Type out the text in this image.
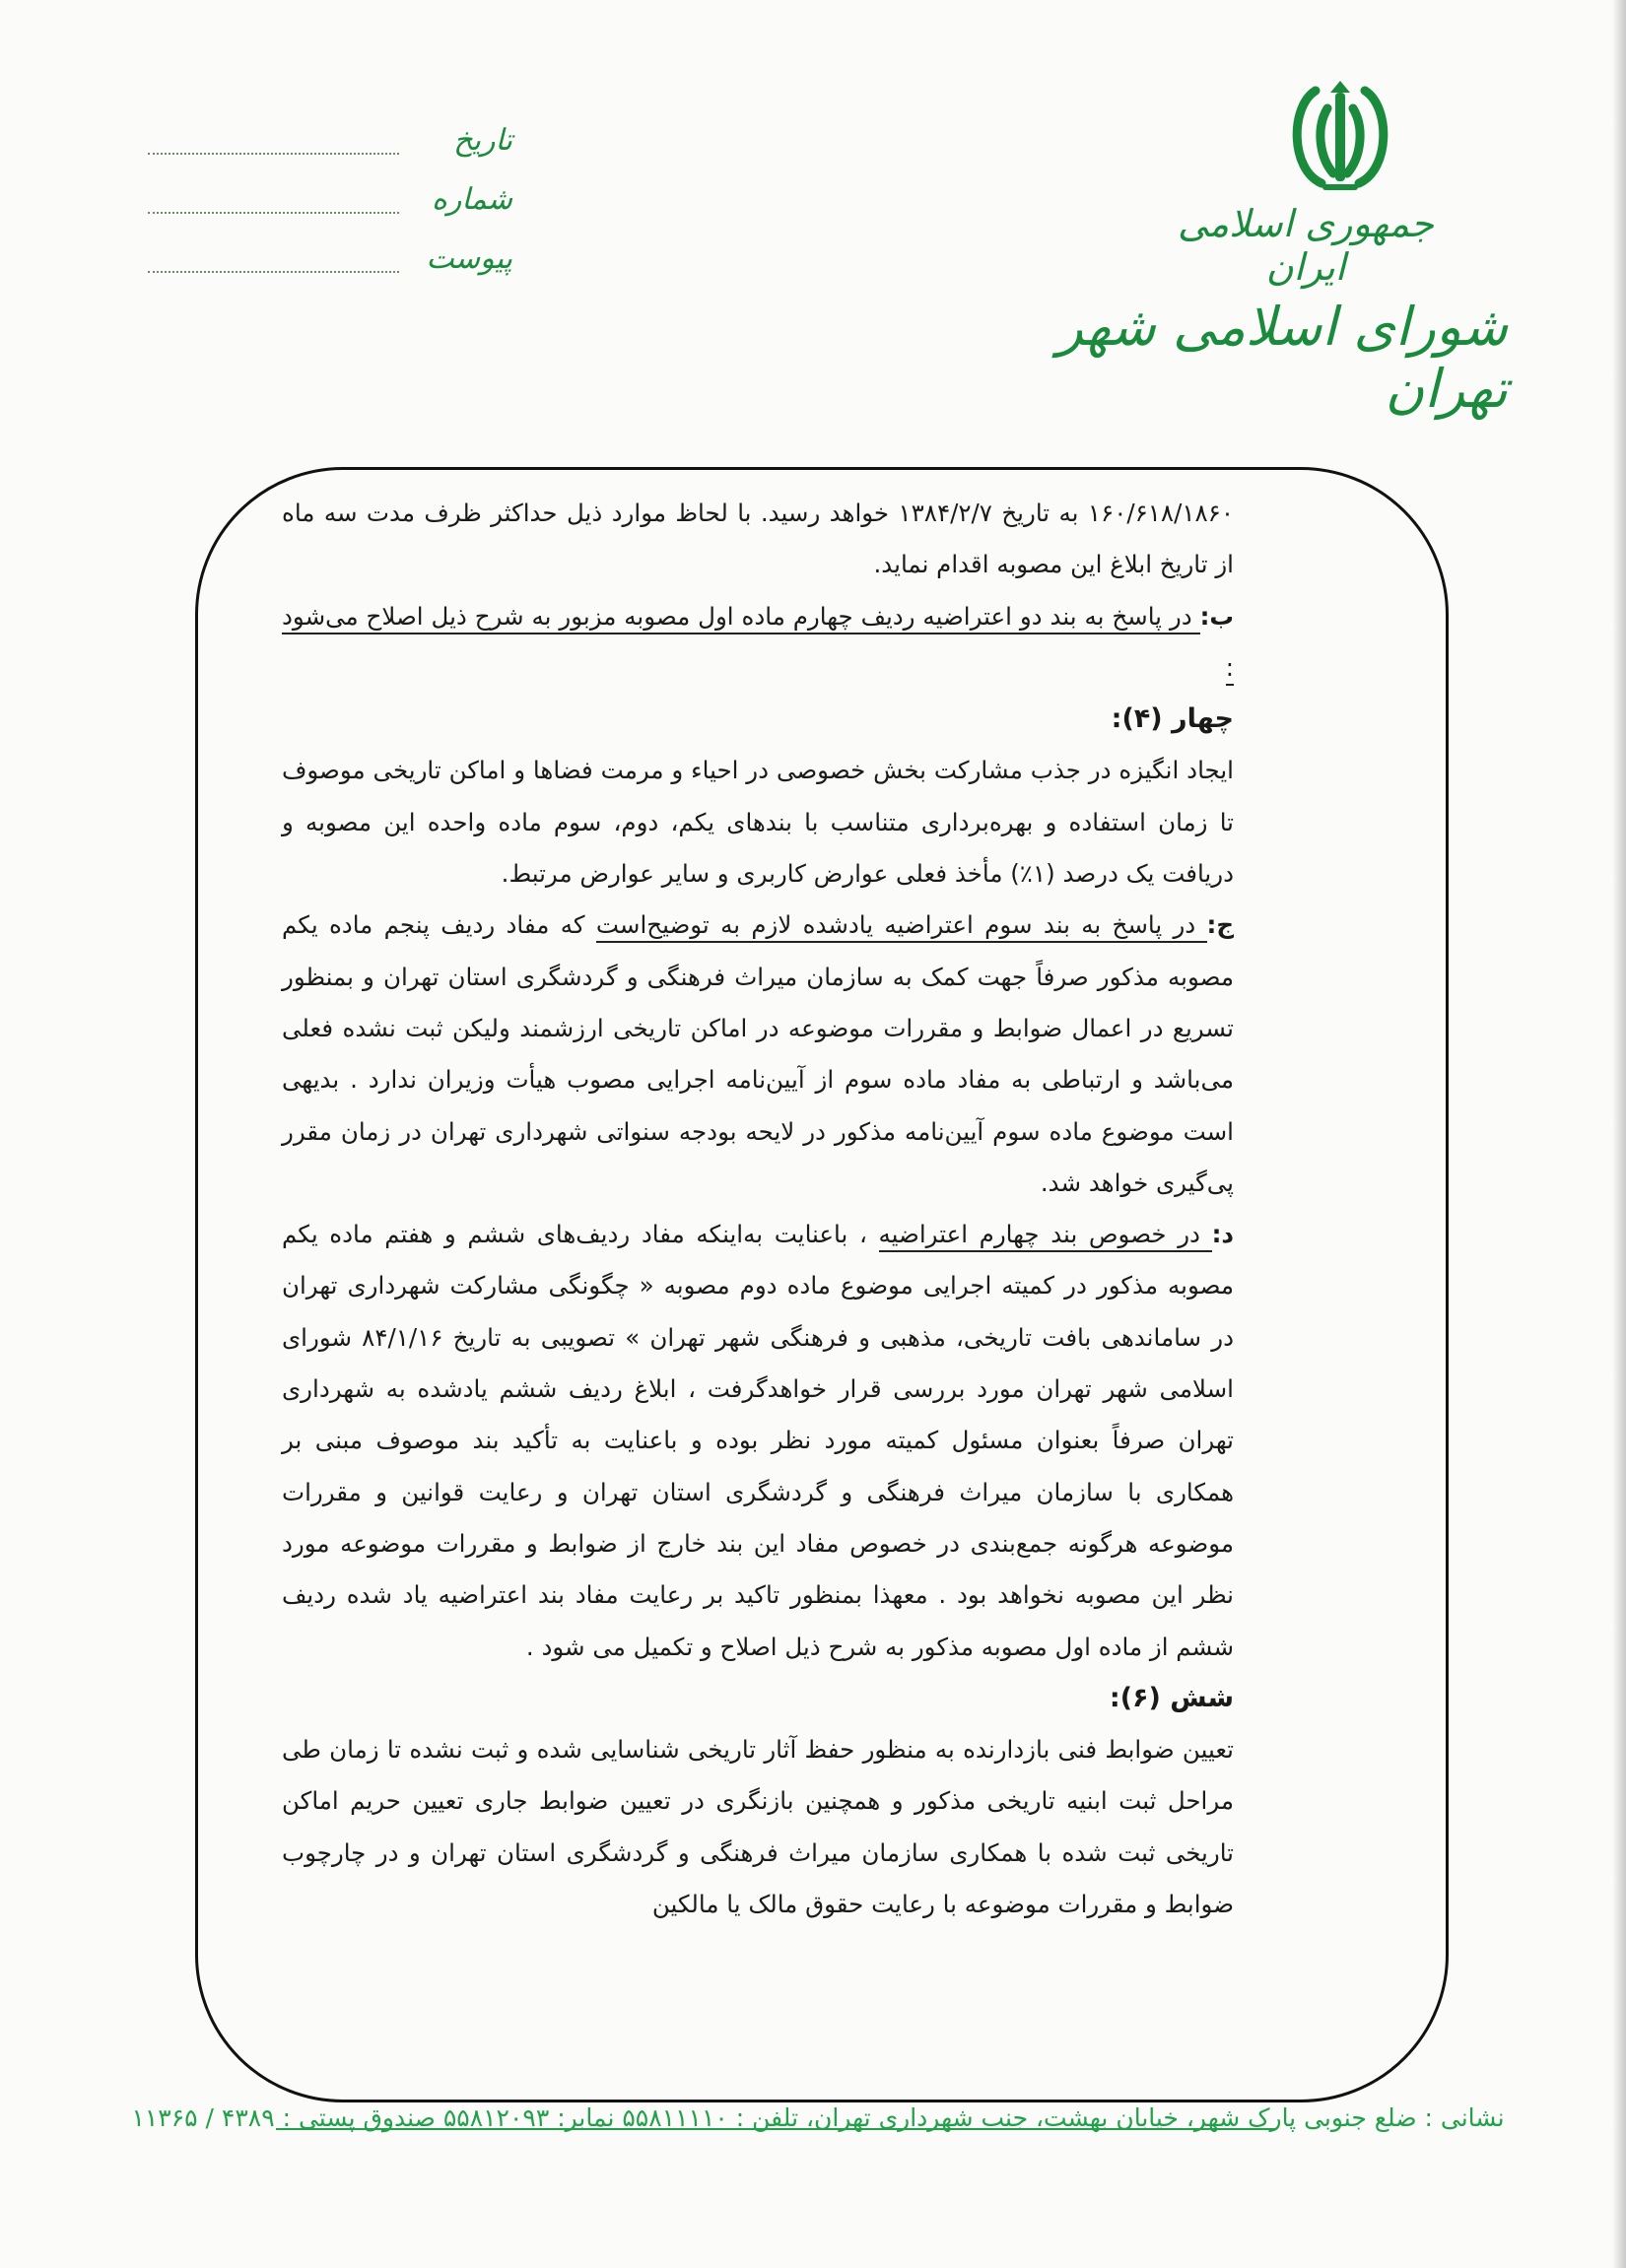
جمهوری اسلامی ایران
شورای اسلامی شهر تهران
تاریخ
شماره
پیوست

۱۶۰/۶۱۸/۱۸۶۰ به تاریخ ۱۳۸۴/۲/۷ خواهد رسید. با لحاظ موارد ذیل حداکثر ظرف مدت سه ماه از تاریخ ابلاغ این مصوبه اقدام نماید.

ب: در پاسخ به بند دو اعتراضیه ردیف چهارم ماده اول مصوبه مزبور به شرح ذیل اصلاح می‌شود :

چهار (۴):

ایجاد انگیزه در جذب مشارکت بخش خصوصی در احیاء و مرمت فضاها و اماکن تاریخی موصوف تا زمان استفاده و بهره‌برداری متناسب با بندهای یکم، دوم، سوم ماده واحده این مصوبه و دریافت یک درصد (۱٪) مأخذ فعلی عوارض کاربری و سایر عوارض مرتبط.

ج: در پاسخ به بند سوم اعتراضیه یادشده لازم به توضیح‌است که مفاد ردیف پنجم ماده یکم مصوبه مذکور صرفاً جهت کمک به سازمان میراث فرهنگی و گردشگری استان تهران و بمنظور تسریع در اعمال ضوابط و مقررات موضوعه در اماکن تاریخی ارزشمند ولیکن ثبت نشده فعلی می‌باشد و ارتباطی به مفاد ماده سوم از آیین‌نامه اجرایی مصوب هیأت وزیران ندارد . بدیهی است موضوع ماده سوم آیین‌نامه مذکور در لایحه بودجه سنواتی شهرداری تهران در زمان مقرر پی‌گیری خواهد شد.

د: در خصوص بند چهارم اعتراضیه ، باعنایت به‌اینکه مفاد ردیف‌های ششم و هفتم ماده یکم مصوبه مذکور در کمیته اجرایی موضوع ماده دوم مصوبه « چگونگی مشارکت شهرداری تهران در ساماندهی بافت تاریخی، مذهبی و فرهنگی شهر تهران » تصویبی به تاریخ ۸۴/۱/۱۶ شورای اسلامی شهر تهران مورد بررسی قرار خواهدگرفت ، ابلاغ ردیف ششم یادشده به شهرداری تهران صرفاً بعنوان مسئول کمیته مورد نظر بوده و باعنایت به تأکید بند موصوف مبنی بر همکاری با سازمان میراث فرهنگی و گردشگری استان تهران و رعایت قوانین و مقررات موضوعه هرگونه جمع‌بندی در خصوص مفاد این بند خارج از ضوابط و مقررات موضوعه مورد نظر این مصوبه نخواهد بود . معهذا بمنظور تاکید بر رعایت مفاد بند اعتراضیه یاد شده ردیف ششم از ماده اول مصوبه مذکور به شرح ذیل اصلاح و تکمیل می شود .

شش (۶):

تعیین ضوابط فنی بازدارنده به منظور حفظ آثار تاریخی شناسایی شده و ثبت نشده تا زمان طی مراحل ثبت ابنیه تاریخی مذکور و همچنین بازنگری در تعیین ضوابط جاری تعیین حریم اماکن تاریخی ثبت شده با همکاری سازمان میراث فرهنگی و گردشگری استان تهران و در چارچوب ضوابط و مقررات موضوعه با رعایت حقوق مالک یا مالکین

نشانی : ضلع جنوبی پارک شهر، خیابان بهشت، جنب شهرداری تهران، تلفن : ۵۵۸۱۱۱۱۰ نمابر: ۵۵۸۱۲۰۹۳ صندوق پستی : ۴۳۸۹ / ۱۱۳۶۵
